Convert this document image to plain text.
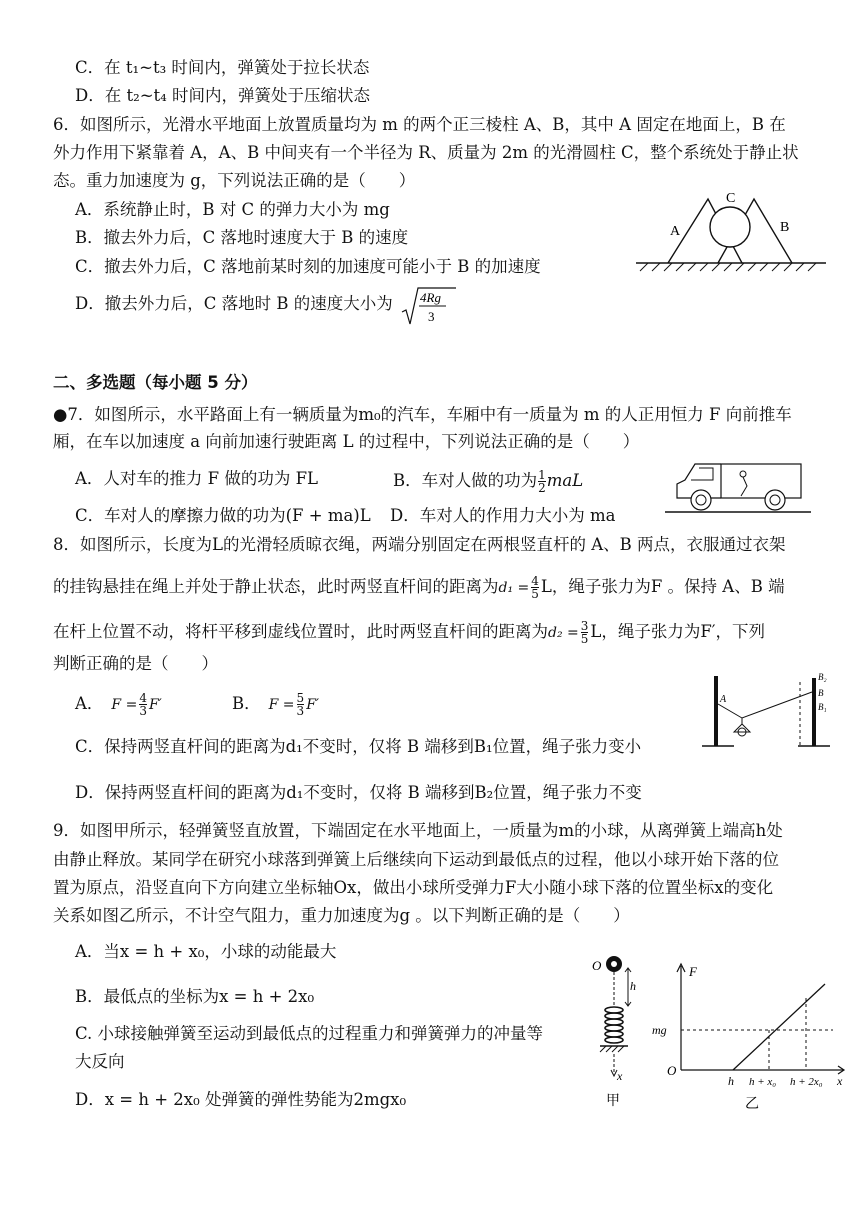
C．在 t₁~t₃ 时间内，弹簧处于拉长状态
D．在 t₂~t₄ 时间内，弹簧处于压缩状态
6．如图所示，光滑水平地面上放置质量均为 m 的两个正三棱柱 A、B，其中 A 固定在地面上，B 在
外力作用下紧靠着 A，A、B 中间夹有一个半径为 R、质量为 2m 的光滑圆柱 C，整个系统处于静止状
态。重力加速度为 g，下列说法正确的是（　　）
A．系统静止时，B 对 C 的弹力大小为 mg
B．撤去外力后，C 落地时速度大于 B 的速度
C．撤去外力后，C 落地前某时刻的加速度可能小于 B 的加速度
D．撤去外力后，C 落地时 B 的速度大小为 4Rg
3
A
C
B
二、多选题（每小题 5 分）
●7．如图所示，水平路面上有一辆质量为m₀的汽车，车厢中有一质量为 m 的人正用恒力 F 向前推车
厢，在车以加速度 a 向前加速行驶距离 L 的过程中，下列说法正确的是（　　）
A．人对车的推力 F 做的功为 FL	B．车对人做的功为 $\frac{1}{2}$ maL
C．车对人的摩擦力做的功为(F + ma)L D．车对人的作用力大小为 ma
8．如图所示，长度为L的光滑轻质晾衣绳，两端分别固定在两根竖直杆的 A、B 两点，衣服通过衣架
的挂钩悬挂在绳上并处于静止状态，此时两竖直杆间的距离为$d_1 = \frac{4}{5}$ L，绳子张力为F 。保持 A、B 端
在杆上位置不动，将杆平移到虚线位置时，此时两竖直杆间的距离为$d_2 = \frac{3}{5}$ L，绳子张力为F′，下列
判断正确的是（　　）
A． $F = \frac{4}{3} F'$	B． $F = \frac{5}{3} F'$
C．保持两竖直杆间的距离为d₁不变时，仅将 B 端移到B₁位置，绳子张力变小
D．保持两竖直杆间的距离为d₁不变时，仅将 B 端移到B₂位置，绳子张力不变
A
B₂
B
B₁
9．如图甲所示，轻弹簧竖直放置，下端固定在水平地面上，一质量为m的小球，从离弹簧上端高h处
由静止释放。某同学在研究小球落到弹簧上后继续向下运动到最低点的过程，他以小球开始下落的位
置为原点，沿竖直向下方向建立坐标轴Ox，做出小球所受弹力F大小随小球下落的位置坐标x的变化
关系如图乙所示，不计空气阻力，重力加速度为g 。以下判断正确的是（　　）
A．当x = h + x₀，小球的动能最大
B．最低点的坐标为x = h + 2x₀
C. 小球接触弹簧至运动到最低点的过程重力和弹簧弹力的冲量等
大反向
D．x = h + 2x₀ 处弹簧的弹性势能为2mgx₀
O
h
x
甲
F
x
O
mg
h h + x₀ h + 2x₀
乙
